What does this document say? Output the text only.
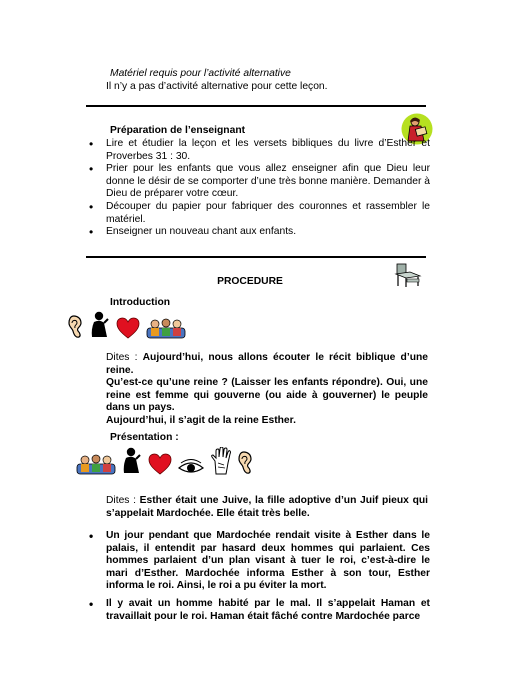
Matériel requis pour l’activité alternative
Il n’y a pas d’activité alternative pour cette leçon.
Préparation de l’enseignant
• Lire et étudier la leçon et les versets bibliques du livre d’Esther et Proverbes 31 : 30.
• Prier pour les enfants que vous allez enseigner afin que Dieu leur donne le désir de se comporter d’une très bonne manière. Demander à Dieu de préparer votre cœur.
• Découper du papier pour fabriquer des couronnes et rassembler le matériel.
• Enseigner un nouveau chant aux enfants.
PROCEDURE
Introduction
Dites : Aujourd’hui, nous allons écouter le récit biblique d’une reine.
Qu’est-ce qu’une reine ? (Laisser les enfants répondre). Oui, une reine est femme qui gouverne (ou aide à gouverner) le peuple dans un pays.
Aujourd’hui, il s’agit de la reine Esther.
Présentation :
Dites : Esther était une Juive, la fille adoptive d’un Juif pieux qui s’appelait Mardochée. Elle était très belle.
• Un jour pendant que Mardochée rendait visite à Esther dans le palais, il entendit par hasard deux hommes qui parlaient. Ces hommes parlaient d’un plan visant à tuer le roi, c’est-à-dire le mari d’Esther. Mardochée informa Esther à son tour, Esther informa le roi. Ainsi, le roi a pu éviter la mort.
• Il y avait un homme habité par le mal. Il s’appelait Haman et travaillait pour le roi. Haman était fâché contre Mardochée parce
